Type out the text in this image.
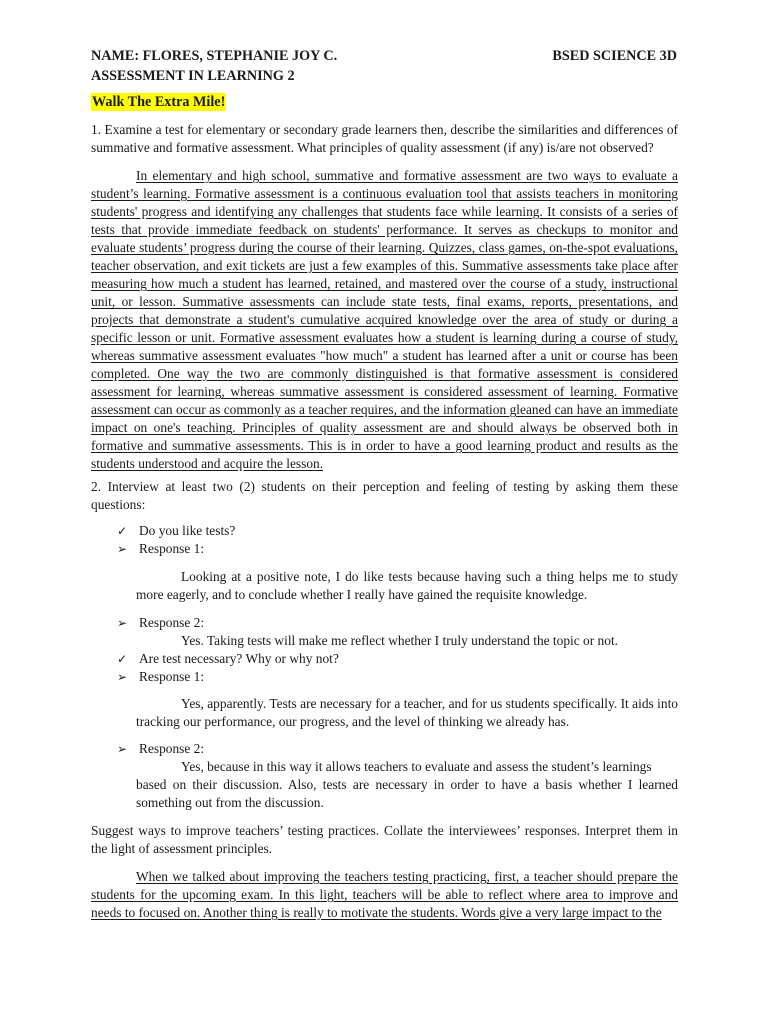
NAME: FLORES, STEPHANIE JOY C.	BSED SCIENCE 3D
ASSESSMENT IN LEARNING 2
Walk The Extra Mile!
1. Examine a test for elementary or secondary grade learners then, describe the similarities and differences of summative and formative assessment. What principles of quality assessment (if any) is/are not observed?
In elementary and high school, summative and formative assessment are two ways to evaluate a student’s learning. Formative assessment is a continuous evaluation tool that assists teachers in monitoring students' progress and identifying any challenges that students face while learning. It consists of a series of tests that provide immediate feedback on students' performance. It serves as checkups to monitor and evaluate students’ progress during the course of their learning. Quizzes, class games, on-the-spot evaluations, teacher observation, and exit tickets are just a few examples of this. Summative assessments take place after measuring how much a student has learned, retained, and mastered over the course of a study, instructional unit, or lesson. Summative assessments can include state tests, final exams, reports, presentations, and projects that demonstrate a student's cumulative acquired knowledge over the area of study or during a specific lesson or unit. Formative assessment evaluates how a student is learning during a course of study, whereas summative assessment evaluates "how much" a student has learned after a unit or course has been completed. One way the two are commonly distinguished is that formative assessment is considered assessment for learning, whereas summative assessment is considered assessment of learning. Formative assessment can occur as commonly as a teacher requires, and the information gleaned can have an immediate impact on one's teaching. Principles of quality assessment are and should always be observed both in formative and summative assessments. This is in order to have a good learning product and results as the students understood and acquire the lesson.
2. Interview at least two (2) students on their perception and feeling of testing by asking them these questions:
✓ Do you like tests?
➢ Response 1:
Looking at a positive note, I do like tests because having such a thing helps me to study more eagerly, and to conclude whether I really have gained the requisite knowledge.
➢ Response 2:
Yes. Taking tests will make me reflect whether I truly understand the topic or not.
✓ Are test necessary? Why or why not?
➢ Response 1:
Yes, apparently. Tests are necessary for a teacher, and for us students specifically. It aids into tracking our performance, our progress, and the level of thinking we already has.
➢ Response 2:
Yes, because in this way it allows teachers to evaluate and assess the student’s learnings
based on their discussion. Also, tests are necessary in order to have a basis whether I learned something out from the discussion.
Suggest ways to improve teachers’ testing practices. Collate the interviewees’ responses. Interpret them in the light of assessment principles.
When we talked about improving the teachers testing practicing, first, a teacher should prepare the students for the upcoming exam. In this light, teachers will be able to reflect where area to improve and needs to focused on. Another thing is really to motivate the students. Words give a very large impact to the
